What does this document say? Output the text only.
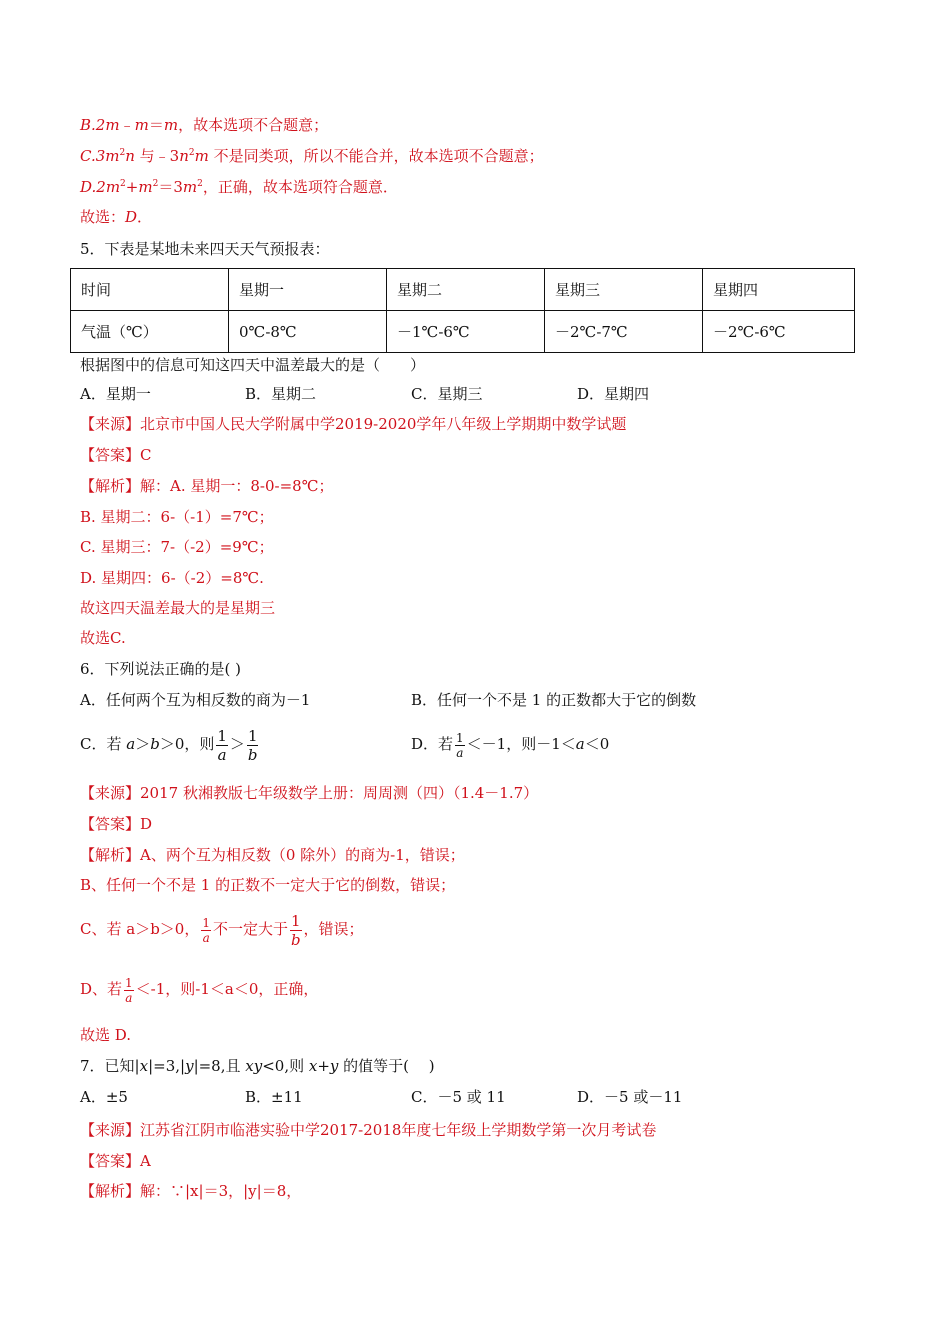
B.2m﹣m＝m，故本选项不合题意；
$C.3m^2n$ 与$﹣3n^2m$ 不是同类项，所以不能合并，故本选项不合题意；
$D.2m^2+m^2=3m^2$，正确，故本选项符合题意．
故选：D．
5．下表是某地未来四天天气预报表：
时间	星期一	星期二	星期三	星期四
气温（℃）	0℃-8℃	－1℃-6℃	－2℃-7℃	－2℃-6℃
根据图中的信息可知这四天中温差最大的是（　　）
A．星期一	B．星期二	C．星期三	D．星期四
【来源】北京市中国人民大学附属中学2019-2020学年八年级上学期期中数学试题
【答案】C
【解析】解：A. 星期一：8-0-=8℃；
B. 星期二：6-（-1）=7℃；
C. 星期三：7-（-2）=9℃；
D. 星期四：6-（-2）=8℃.
故这四天温差最大的是星期三
故选C.
6．下列说法正确的是( )
A．任何两个互为相反数的商为－1	B．任何一个不是 1 的正数都大于它的倒数
C．若 a＞b＞0，则 $\frac{1}{a} > \frac{1}{b}$	D．若 $\frac{1}{a} <-1$，则－1＜a＜0
【来源】2017 秋湘教版七年级数学上册：周周测（四）（1.4－1.7）
【答案】D
【解析】A、两个互为相反数（0 除外）的商为-1，错误；
B、任何一个不是 1 的正数不一定大于它的倒数，错误；
C、若 a＞b＞0， $\frac{1}{a}$ 不一定大于 $\frac{1}{b}$ ，错误；
D、若 $\frac{1}{a} <-1$，则-1＜a＜0，正确，
故选 D.
7．已知|x|=3,|y|=8,且 xy<0,则 x+y 的值等于(　 )
A．±5	B．±11	C．－5 或 11	D．－5 或－11
【来源】江苏省江阴市临港实验中学2017-2018年度七年级上学期数学第一次月考试卷
【答案】A
【解析】解：∵|x|＝3，|y|＝8，
